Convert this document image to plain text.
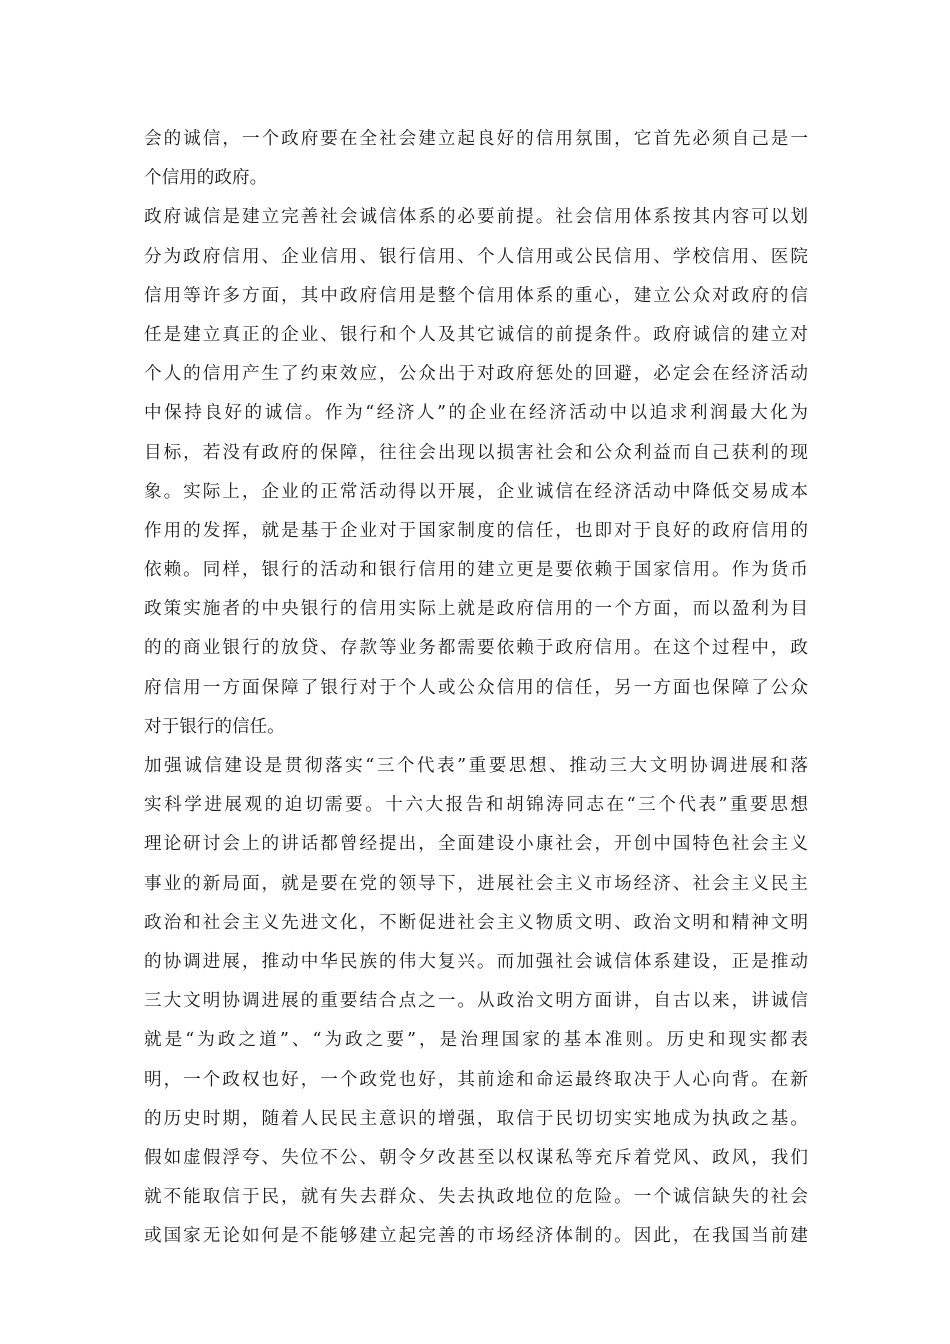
会的诚信，一个政府要在全社会建立起良好的信用氛围，它首先必须自己是一
个信用的政府。
政府诚信是建立完善社会诚信体系的必要前提。社会信用体系按其内容可以划
分为政府信用、企业信用、银行信用、个人信用或公民信用、学校信用、医院
信用等许多方面，其中政府信用是整个信用体系的重心，建立公众对政府的信
任是建立真正的企业、银行和个人及其它诚信的前提条件。政府诚信的建立对
个人的信用产生了约束效应，公众出于对政府惩处的回避，必定会在经济活动
中保持良好的诚信。作为“经济人”的企业在经济活动中以追求利润最大化为
目标，若没有政府的保障，往往会出现以损害社会和公众利益而自己获利的现
象。实际上，企业的正常活动得以开展，企业诚信在经济活动中降低交易成本
作用的发挥，就是基于企业对于国家制度的信任，也即对于良好的政府信用的
依赖。同样，银行的活动和银行信用的建立更是要依赖于国家信用。作为货币
政策实施者的中央银行的信用实际上就是政府信用的一个方面，而以盈利为目
的的商业银行的放贷、存款等业务都需要依赖于政府信用。在这个过程中，政
府信用一方面保障了银行对于个人或公众信用的信任，另一方面也保障了公众
对于银行的信任。
加强诚信建设是贯彻落实“三个代表”重要思想、推动三大文明协调进展和落
实科学进展观的迫切需要。十六大报告和胡锦涛同志在“三个代表”重要思想
理论研讨会上的讲话都曾经提出，全面建设小康社会，开创中国特色社会主义
事业的新局面，就是要在党的领导下，进展社会主义市场经济、社会主义民主
政治和社会主义先进文化，不断促进社会主义物质文明、政治文明和精神文明
的协调进展，推动中华民族的伟大复兴。而加强社会诚信体系建设，正是推动
三大文明协调进展的重要结合点之一。从政治文明方面讲，自古以来，讲诚信
就是“为政之道”、“为政之要”，是治理国家的基本准则。历史和现实都表
明，一个政权也好，一个政党也好，其前途和命运最终取决于人心向背。在新
的历史时期，随着人民民主意识的增强，取信于民切切实实地成为执政之基。
假如虚假浮夸、失位不公、朝令夕改甚至以权谋私等充斥着党风、政风，我们
就不能取信于民，就有失去群众、失去执政地位的危险。一个诚信缺失的社会
或国家无论如何是不能够建立起完善的市场经济体制的。因此，在我国当前建
